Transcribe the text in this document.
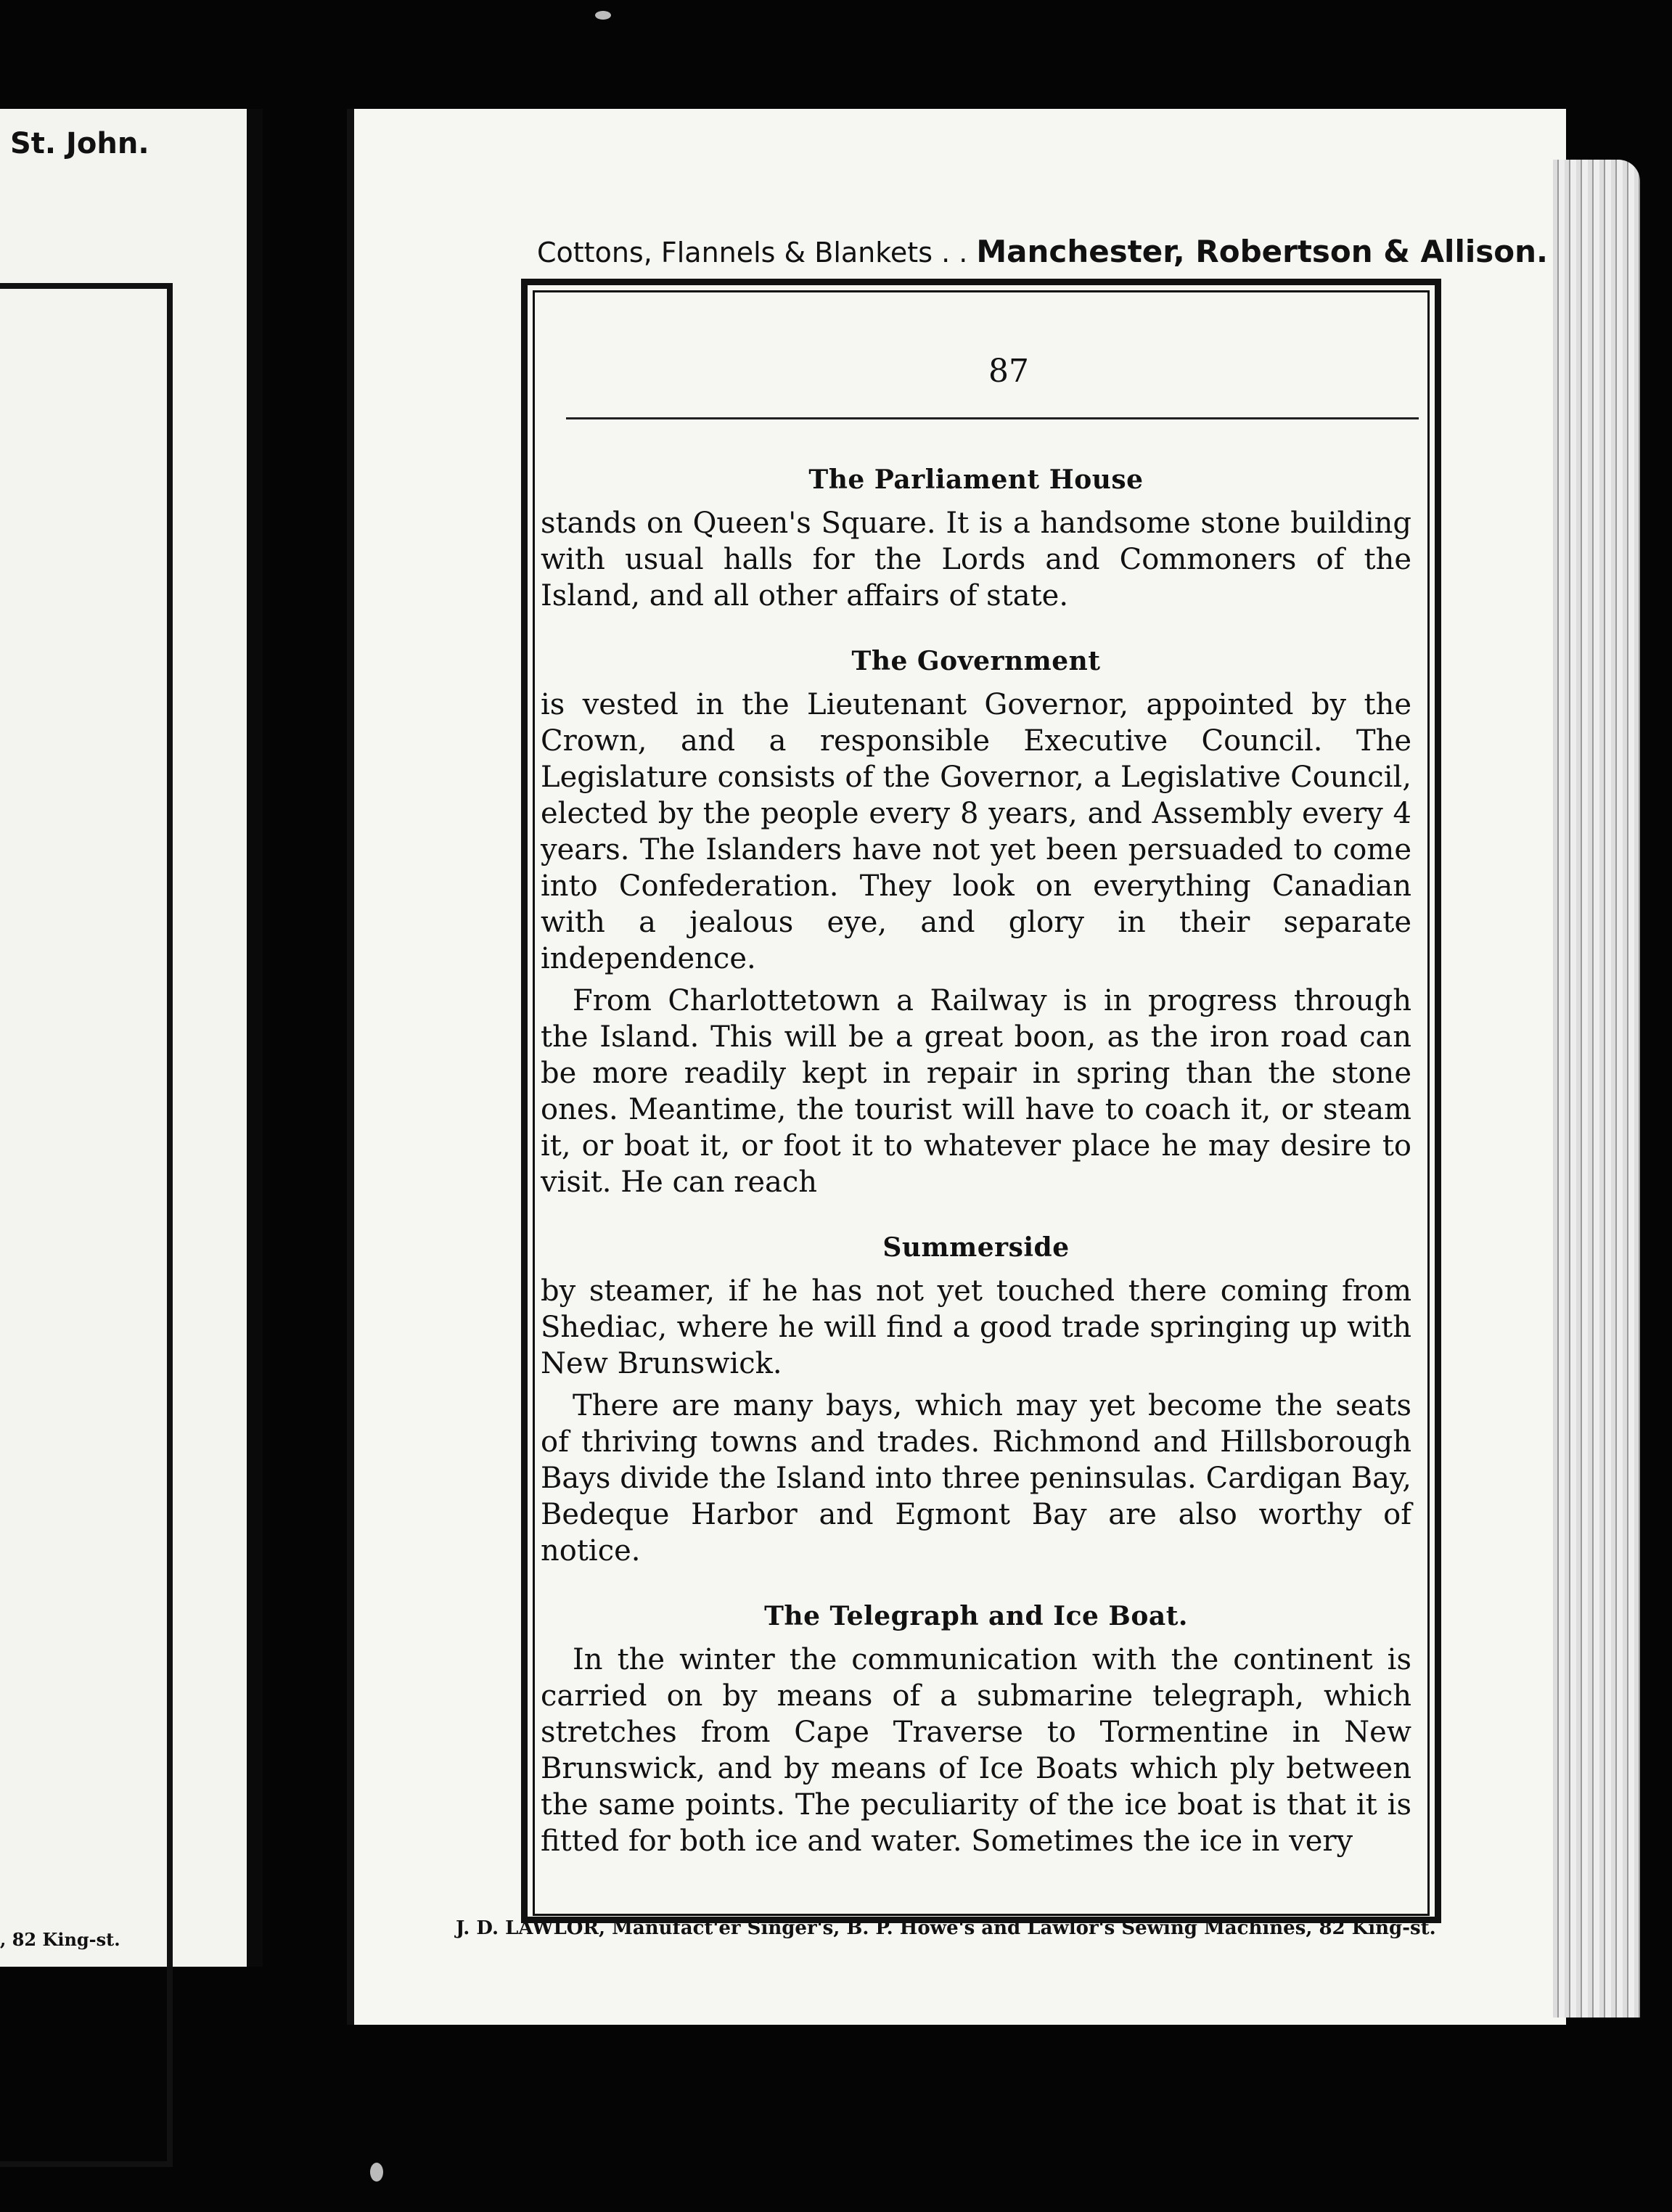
St. John.

, 82 King-st.
Cottons, Flannels & Blankets . . Manchester, Robertson & Allison.
87
The Parliament House

stands on Queen's Square. It is a handsome stone building with usual halls for the Lords and Commoners of the Island, and all other affairs of state.

The Government

is vested in the Lieutenant Governor, appointed by the Crown, and a responsible Executive Council. The Legislature consists of the Governor, a Legislative Council, elected by the people every 8 years, and Assembly every 4 years. The Islanders have not yet been persuaded to come into Confederation. They look on everything Canadian with a jealous eye, and glory in their separate independence.

From Charlottetown a Railway is in progress through the Island. This will be a great boon, as the iron road can be more readily kept in repair in spring than the stone ones. Meantime, the tourist will have to coach it, or steam it, or boat it, or foot it to whatever place he may desire to visit. He can reach

Summerside

by steamer, if he has not yet touched there coming from Shediac, where he will find a good trade springing up with New Brunswick.

There are many bays, which may yet become the seats of thriving towns and trades. Richmond and Hillsborough Bays divide the Island into three peninsulas. Cardigan Bay, Bedeque Harbor and Egmont Bay are also worthy of notice.

The Telegraph and Ice Boat.

In the winter the communication with the continent is carried on by means of a submarine telegraph, which stretches from Cape Traverse to Tormentine in New Brunswick, and by means of Ice Boats which ply between the same points. The peculiarity of the ice boat is that it is fitted for both ice and water. Sometimes the ice in very

J. D. LAWLOR, Manufact'er Singer's, B. P. Howe's and Lawlor's Sewing Machines, 82 King-st.
